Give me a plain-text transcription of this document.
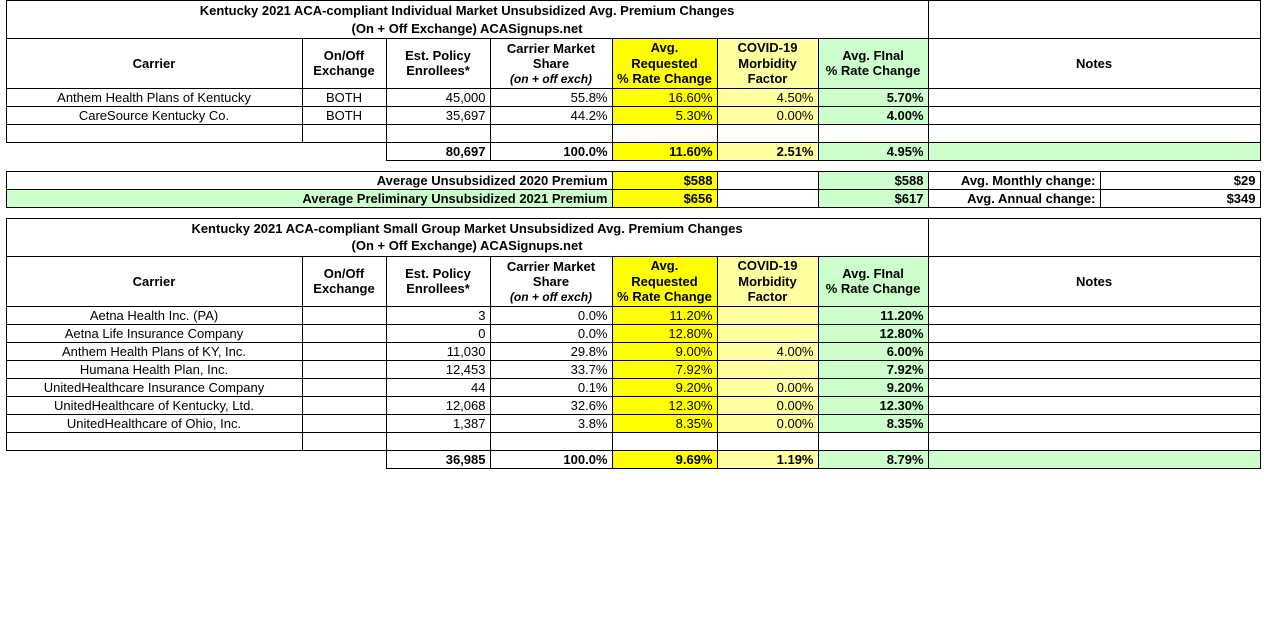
	Kentucky 2021 ACA-compliant Individual Market Unsubsidized Avg. Premium Changes
(On + Off Exchange) ACASignups.net								
	Carrier	On/Off
Exchange	Est. Policy
Enrollees*	Carrier Market
Share
(on + off exch)	Avg.
Requested
% Rate Change	COVID-19
Morbidity
Factor	Avg. FInal
% Rate Change	Notes	
	Anthem Health Plans of Kentucky	BOTH	45,000	55.8%	16.60%	4.50%	5.70%		
	CareSource Kentucky Co.	BOTH	35,697	44.2%	5.30%	0.00%	4.00%		

			80,697	100.0%	11.60%	2.51%	4.95%		
	Average Unsubsidized 2020 Premium	$588		$588	Avg. Monthly change:	$29	
	Average Preliminary Unsubsidized 2021 Premium	$656		$617	Avg. Annual change:	$349	
	Kentucky 2021 ACA-compliant Small Group Market Unsubsidized Avg. Premium Changes
(On + Off Exchange) ACASignups.net								
	Carrier	On/Off
Exchange	Est. Policy
Enrollees*	Carrier Market
Share
(on + off exch)	Avg.
Requested
% Rate Change	COVID-19
Morbidity
Factor	Avg. FInal
% Rate Change	Notes	
	Aetna Health Inc. (PA)		3	0.0%	11.20%		11.20%		
	Aetna Life Insurance Company		0	0.0%	12.80%		12.80%		
	Anthem Health Plans of KY, Inc.		11,030	29.8%	9.00%	4.00%	6.00%		
	Humana Health Plan, Inc.		12,453	33.7%	7.92%		7.92%		
	UnitedHealthcare Insurance Company		44	0.1%	9.20%	0.00%	9.20%		
	UnitedHealthcare of Kentucky, Ltd.		12,068	32.6%	12.30%	0.00%	12.30%		
	UnitedHealthcare of Ohio, Inc.		1,387	3.8%	8.35%	0.00%	8.35%		

			36,985	100.0%	9.69%	1.19%	8.79%		
